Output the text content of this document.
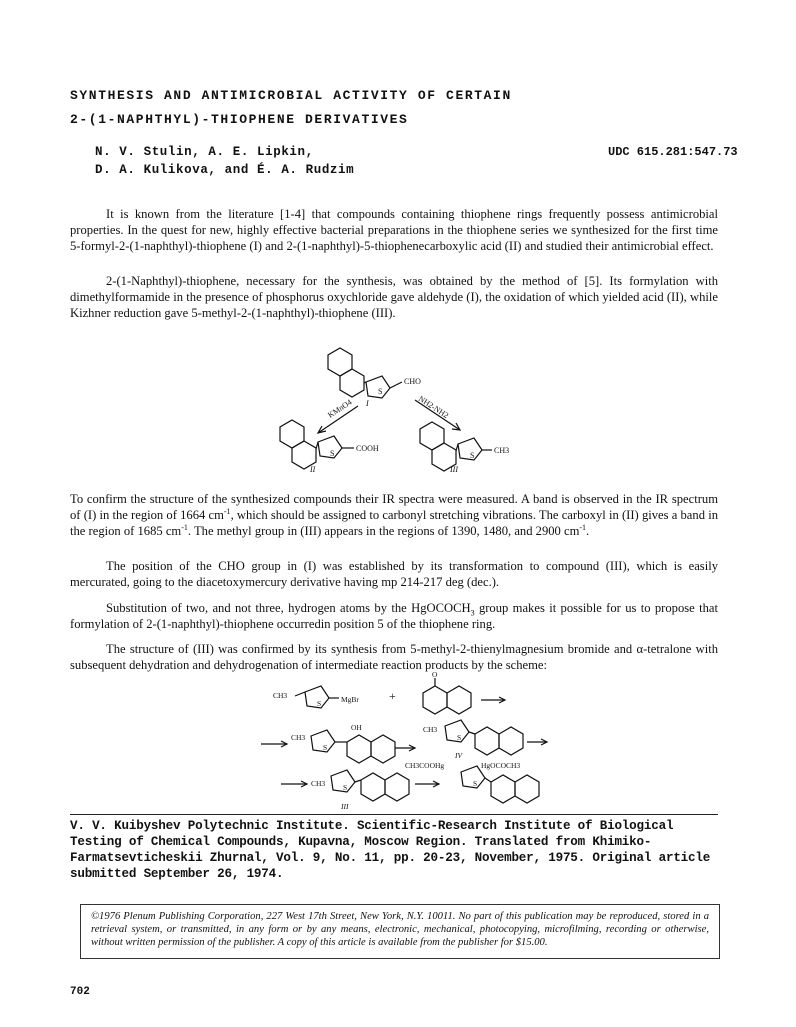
SYNTHESIS AND ANTIMICROBIAL ACTIVITY OF CERTAIN
2-(1-NAPHTHYL)-THIOPHENE DERIVATIVES
N. V. Stulin, A. E. Lipkin,
D. A. Kulikova, and É. A. Rudzim
UDC 615.281:547.73

It is known from the literature [1-4] that compounds containing thiophene rings frequently possess antimicrobial properties. In the quest for new, highly effective bacterial preparations in the thiophene series we synthesized for the first time 5-formyl-2-(1-naphthyl)-thiophene (I) and 2-(1-naphthyl)-5-thiophenecarboxylic acid (II) and studied their antimicrobial effect.

2-(1-Naphthyl)-thiophene, necessary for the synthesis, was obtained by the method of [5]. Its formylation with dimethylformamide in the presence of phosphorus oxychloride gave aldehyde (I), the oxidation of which yielded acid (II), while Kizhner reduction gave 5-methyl-2-(1-naphthyl)-thiophene (III).

CHO
S
I
KMnO4	NH2-NH2
COOH
S
II
CH3
S
III

To confirm the structure of the synthesized compounds their IR spectra were measured. A band is observed in the IR spectrum of (I) in the region of 1664 $cm^{-1}$, which should be assigned to carbonyl stretching vibrations. The carboxyl in (II) gives a band in the region of 1685 $cm^{-1}$. The methyl group in (III) appears in the regions of 1390, 1480, and 2900 $cm^{-1}$.

The position of the CHO group in (I) was established by its transformation to compound (III), which is easily mercurated, going to the diacetoxymercury derivative having mp 214-217 deg (dec.).

Substitution of two, and not three, hydrogen atoms by the HgOCOCH$_3$ group makes it possible for us to propose that formylation of 2-(1-naphthyl)-thiophene occurredin position 5 of the thiophene ring.

The structure of (III) was confirmed by its synthesis from 5-methyl-2-thienylmagnesium bromide and α-tetralone with subsequent dehydration and dehydrogenation of intermediate reaction products by the scheme:

CH3	MgBr
S
+
O
CH3
S
OH	CH3
S
IV
CH3 S
III
CH3COOHg	HgOCOCH3
S
V. V. Kuibyshev Polytechnic Institute. Scientific-Research Institute of Biological Testing of Chemical Compounds, Kupavna, Moscow Region. Translated from Khimiko-Farmatsevticheskii Zhurnal, Vol. 9, No. 11, pp. 20-23, November, 1975. Original article submitted September 26, 1974.
©1976 Plenum Publishing Corporation, 227 West 17th Street, New York, N.Y. 10011. No part of this publication may be reproduced, stored in a retrieval system, or transmitted, in any form or by any means, electronic, mechanical, photocopying, microfilming, recording or otherwise, without written permission of the publisher. A copy of this article is available from the publisher for $15.00.
702
